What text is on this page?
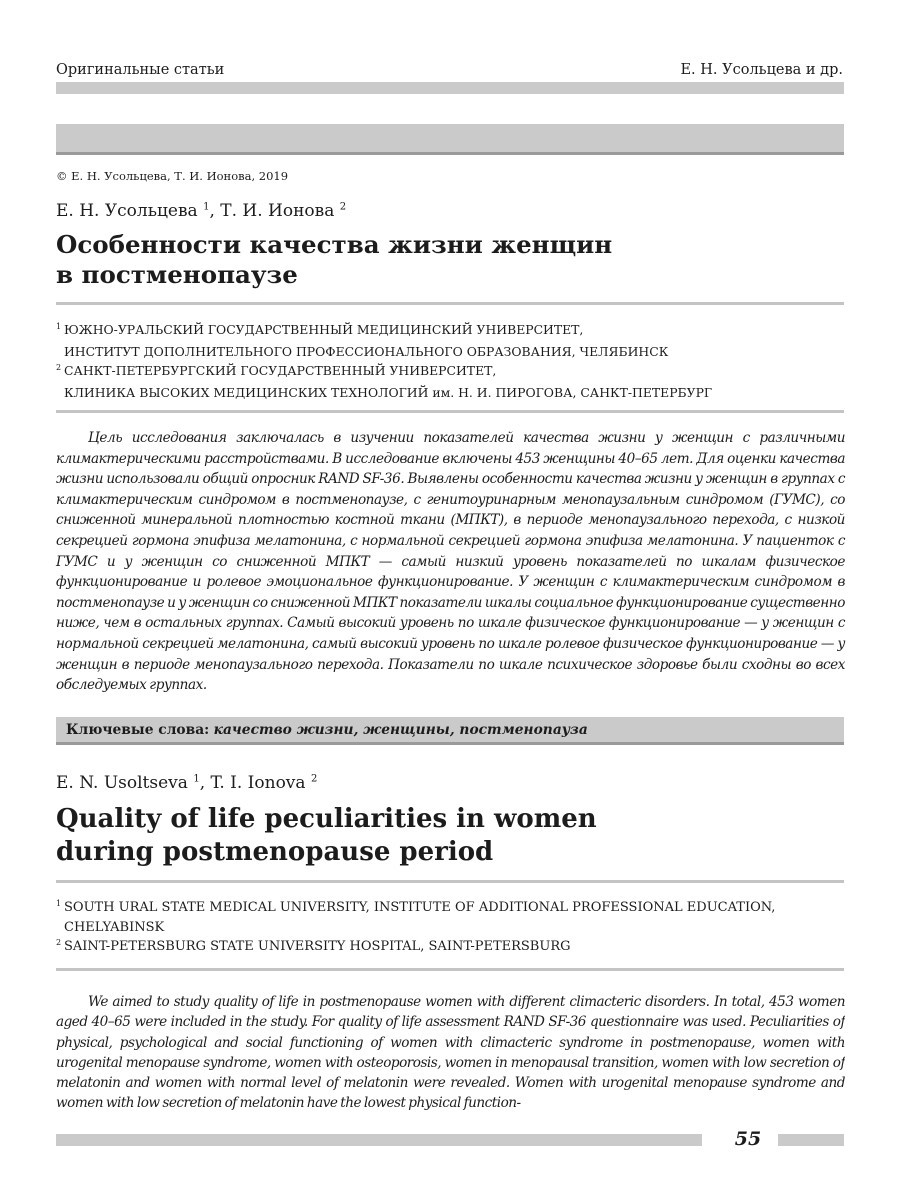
Оригинальные статьи	Е. Н. Усольцева и др.
© Е. Н. Усольцева, Т. И. Ионова, 2019
Е. Н. Усольцева $^1$, Т. И. Ионова $^2$
Особенности качества жизни женщин
в постменопаузе
1 ЮЖНО-УРАЛЬСКИЙ ГОСУДАРСТВЕННЫЙ МЕДИЦИНСКИЙ УНИВЕРСИТЕТ,
ИНСТИТУТ ДОПОЛНИТЕЛЬНОГО ПРОФЕССИОНАЛЬНОГО ОБРАЗОВАНИЯ, ЧЕЛЯБИНСК
2 САНКТ-ПЕТЕРБУРГСКИЙ ГОСУДАРСТВЕННЫЙ УНИВЕРСИТЕТ,
КЛИНИКА ВЫСОКИХ МЕДИЦИНСКИХ ТЕХНОЛОГИЙ им. Н. И. ПИРОГОВА, САНКТ-ПЕТЕРБУРГ

Цель исследования заключалась в изучении показателей качества жизни у женщин с различными климактерическими расстройствами. В исследование включены 453 женщины 40–65 лет. Для оценки качества жизни использовали общий опросник RAND SF-36. Выявлены особенности качества жизни у женщин в группах с климактерическим синдромом в постменопаузе, с генитоуринарным менопаузальным синдромом (ГУМС), со сниженной минеральной плотностью костной ткани (МПКТ), в периоде менопаузального перехода, с низкой секрецией гормона эпифиза мелатонина, с нормальной секрецией гормона эпифиза мелатонина. У пациенток с ГУМС и у женщин со сниженной МПКТ — самый низкий уровень показателей по шкалам физическое функционирование и ролевое эмоциональное функционирование. У женщин с климактерическим синдромом в постменопаузе и у женщин со сниженной МПКТ показатели шкалы социальное функционирование существенно ниже, чем в остальных группах. Самый высокий уровень по шкале физическое функционирование — у женщин с нормальной секрецией мелатонина, самый высокий уровень по шкале ролевое физическое функционирование — у женщин в периоде менопаузального перехода. Показатели по шкале психическое здоровье были сходны во всех обследуемых группах.

Ключевые слова: качество жизни, женщины, постменопауза
E. N. Usoltseva $^1$, T. I. Ionova $^2$
Quality of life peculiarities in women
during postmenopause period
1 SOUTH URAL STATE MEDICAL UNIVERSITY, INSTITUTE OF ADDITIONAL PROFESSIONAL EDUCATION,
CHELYABINSK
2 SAINT-PETERSBURG STATE UNIVERSITY HOSPITAL, SAINT-PETERSBURG

We aimed to study quality of life in postmenopause women with different climacteric disorders. In total, 453 women aged 40–65 were included in the study. For quality of life assessment RAND SF-36 questionnaire was used. Peculiarities of physical, psychological and social functioning of women with climacteric syndrome in postmenopause, women with urogenital menopause syndrome, women with osteoporosis, women in menopausal transition, women with low secretion of melatonin and women with normal level of melatonin were revealed. Women with urogenital menopause syndrome and women with low secretion of melatonin have the lowest physical function-

55
